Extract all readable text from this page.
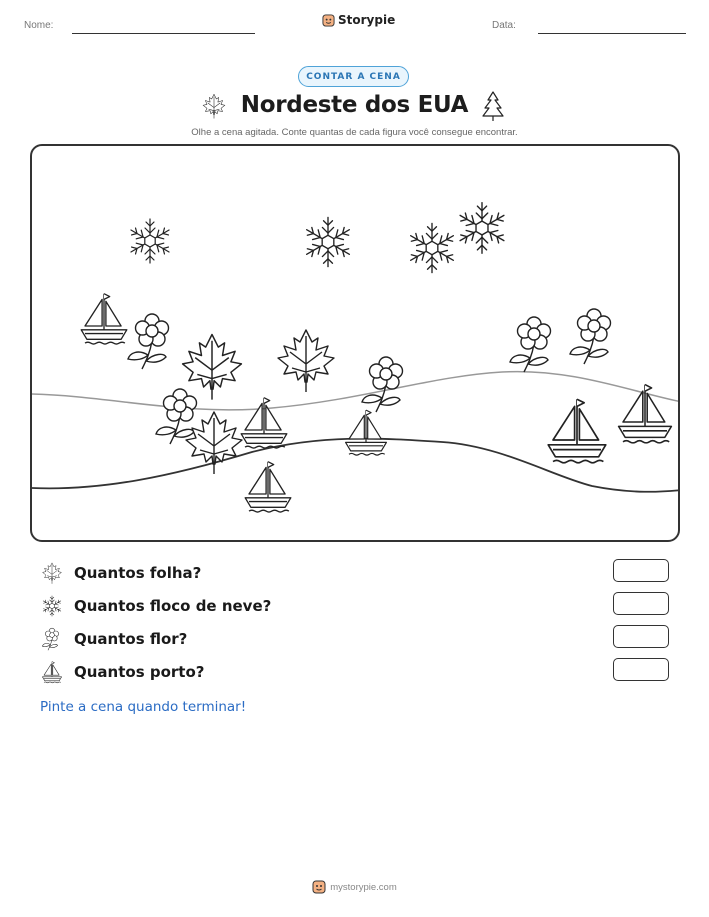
Nome:	Storypie	Data:
CONTAR A CENA
Nordeste dos EUA
Olhe a cena agitada. Conte quantas de cada figura você consegue encontrar.
Quantos folha?
Quantos floco de neve?
Quantos flor?
Quantos porto?
Pinte a cena quando terminar!
mystorypie.com
